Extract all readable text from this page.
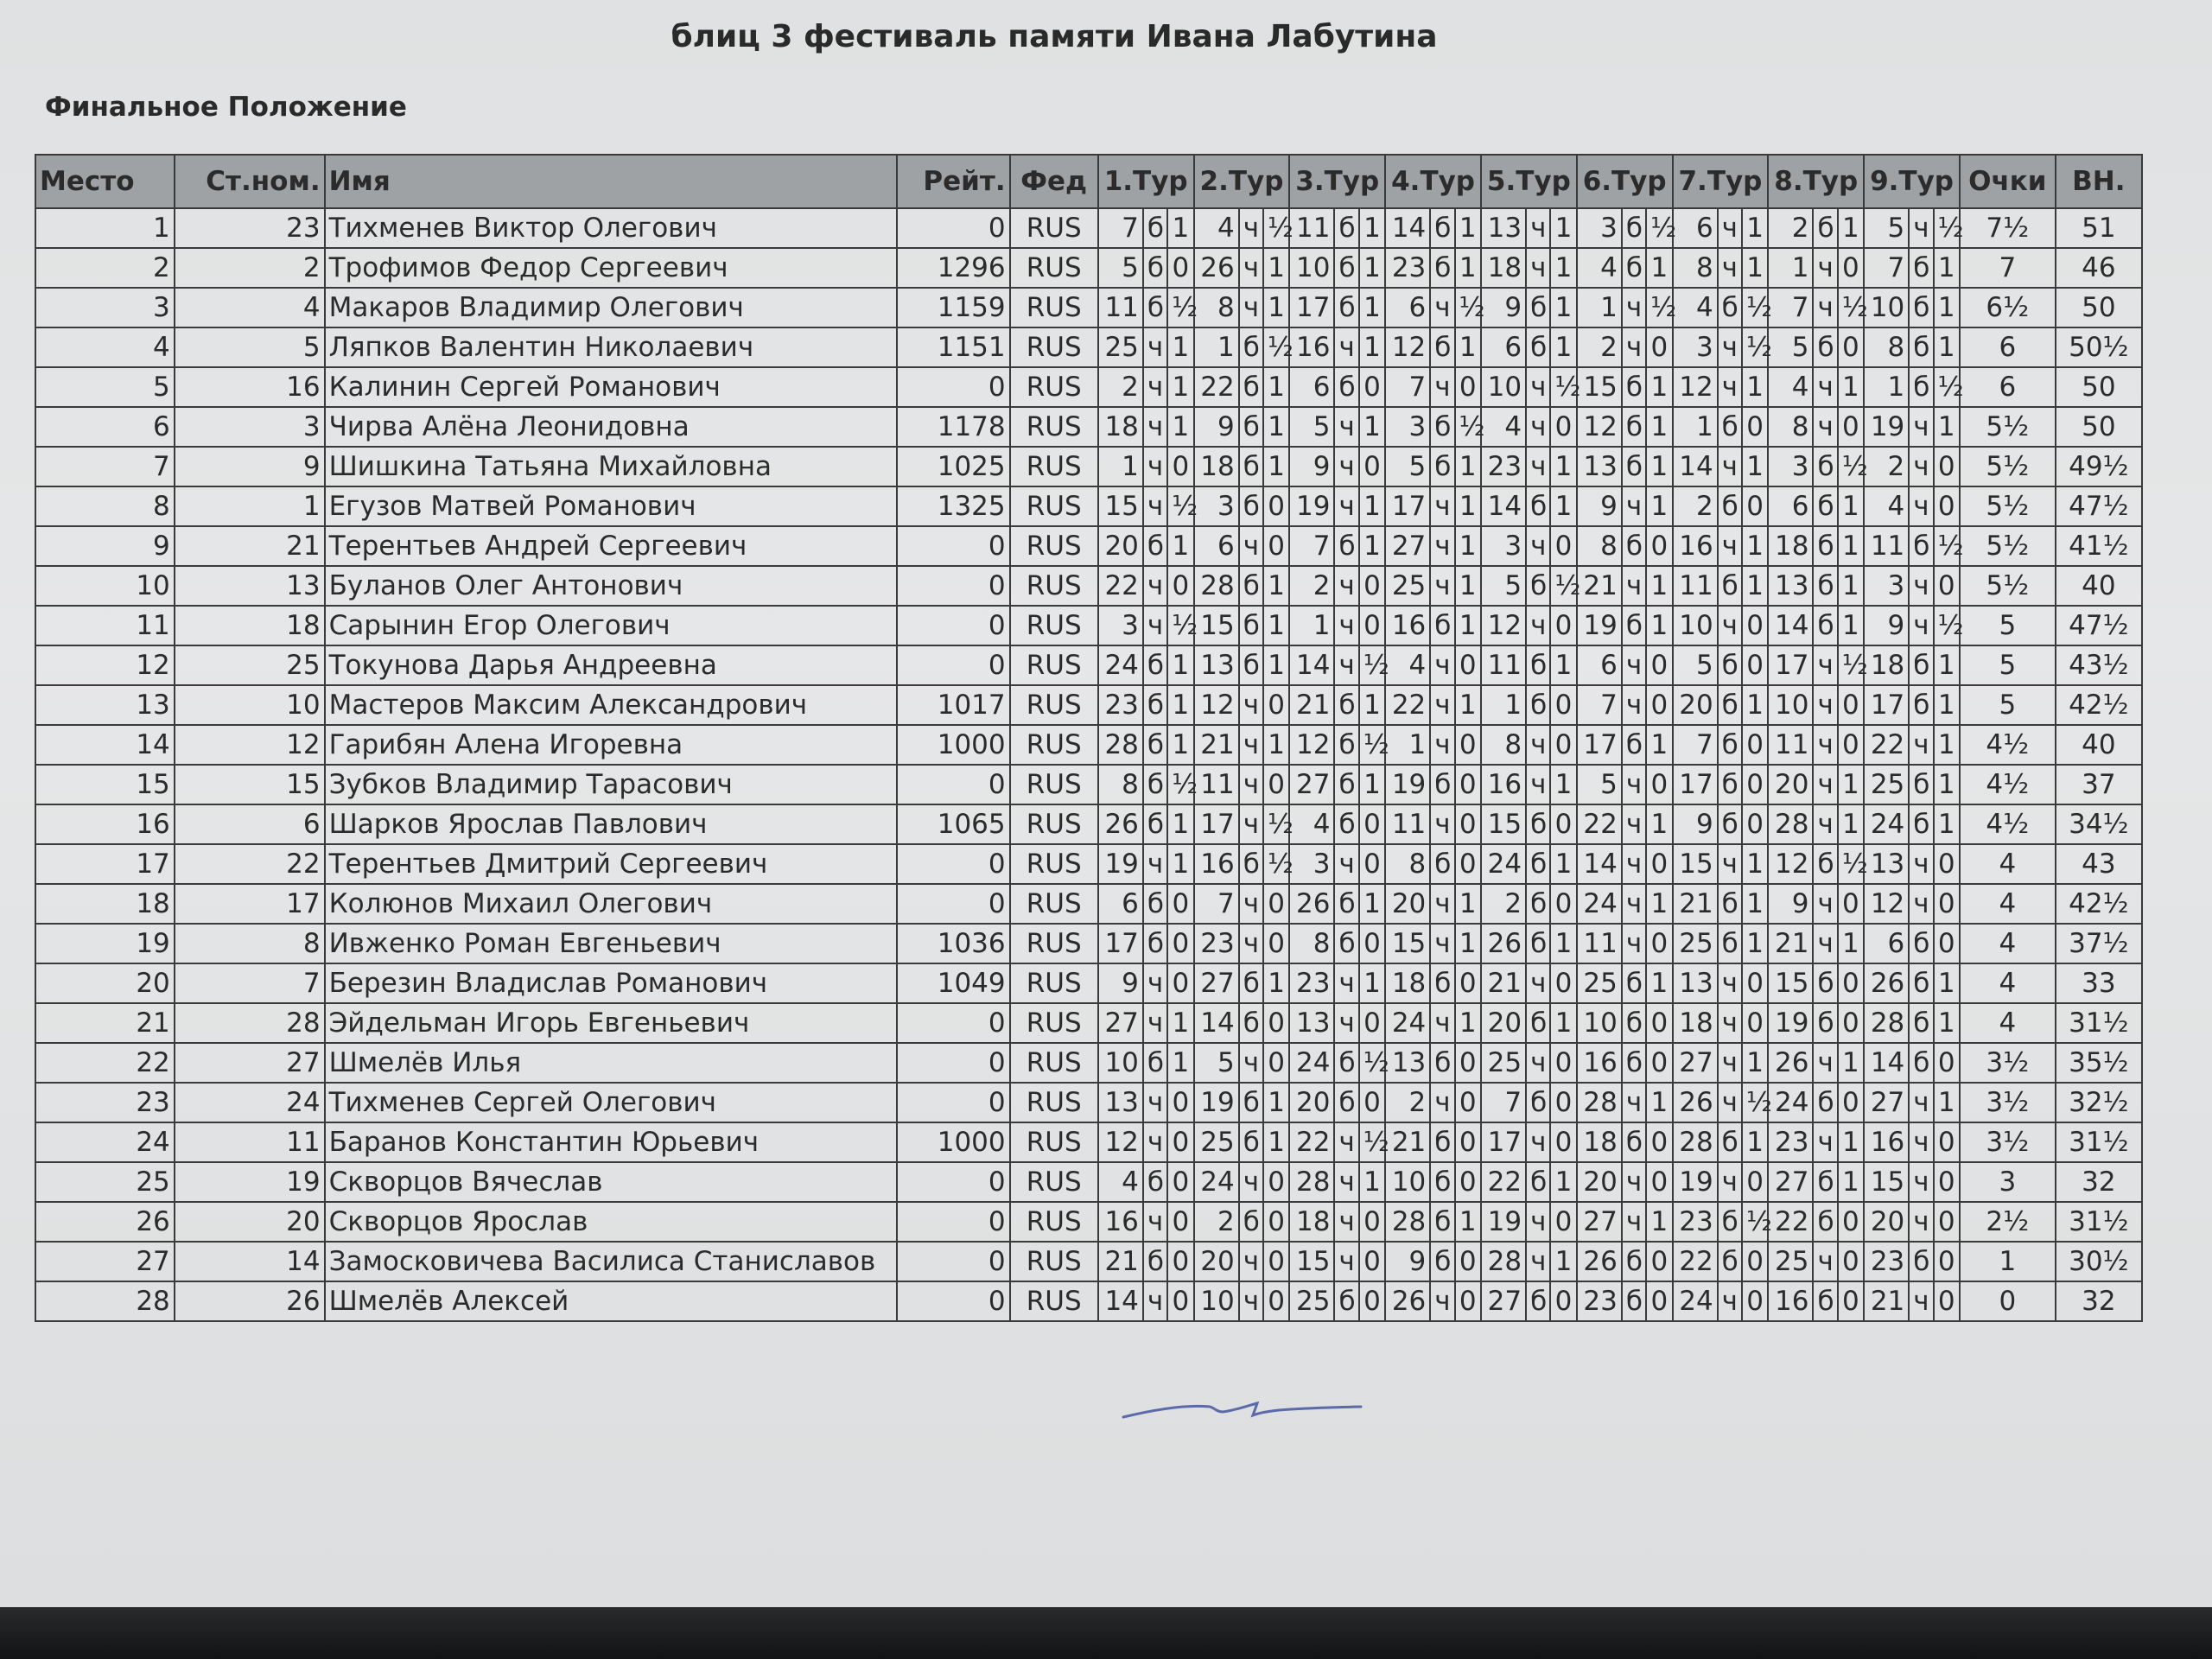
блиц 3 фестиваль памяти Ивана Лабутина
Финальное Положение
Место	Ст.ном.	Имя	Рейт.	Фед	1.Тур			2.Тур			3.Тур			4.Тур			5.Тур			6.Тур			7.Тур			8.Тур			9.Тур			Очки	ВН.
1	23	Тихменев Виктор Олегович	0	RUS	7	б	1	4	ч	½	11	б	1	14	б	1	13	ч	1	3	б	½	6	ч	1	2	б	1	5	ч	½	7½	51
2	2	Трофимов Федор Сергеевич	1296	RUS	5	б	0	26	ч	1	10	б	1	23	б	1	18	ч	1	4	б	1	8	ч	1	1	ч	0	7	б	1	7	46
3	4	Макаров Владимир Олегович	1159	RUS	11	б	½	8	ч	1	17	б	1	6	ч	½	9	б	1	1	ч	½	4	б	½	7	ч	½	10	б	1	6½	50
4	5	Ляпков Валентин Николаевич	1151	RUS	25	ч	1	1	б	½	16	ч	1	12	б	1	6	б	1	2	ч	0	3	ч	½	5	б	0	8	б	1	6	50½
5	16	Калинин Сергей Романович	0	RUS	2	ч	1	22	б	1	6	б	0	7	ч	0	10	ч	½	15	б	1	12	ч	1	4	ч	1	1	б	½	6	50
6	3	Чирва Алёна Леонидовна	1178	RUS	18	ч	1	9	б	1	5	ч	1	3	б	½	4	ч	0	12	б	1	1	б	0	8	ч	0	19	ч	1	5½	50
7	9	Шишкина Татьяна Михайловна	1025	RUS	1	ч	0	18	б	1	9	ч	0	5	б	1	23	ч	1	13	б	1	14	ч	1	3	б	½	2	ч	0	5½	49½
8	1	Егузов Матвей Романович	1325	RUS	15	ч	½	3	б	0	19	ч	1	17	ч	1	14	б	1	9	ч	1	2	б	0	6	б	1	4	ч	0	5½	47½
9	21	Терентьев Андрей Сергеевич	0	RUS	20	б	1	6	ч	0	7	б	1	27	ч	1	3	ч	0	8	б	0	16	ч	1	18	б	1	11	б	½	5½	41½
10	13	Буланов Олег Антонович	0	RUS	22	ч	0	28	б	1	2	ч	0	25	ч	1	5	б	½	21	ч	1	11	б	1	13	б	1	3	ч	0	5½	40
11	18	Сарынин Егор Олегович	0	RUS	3	ч	½	15	б	1	1	ч	0	16	б	1	12	ч	0	19	б	1	10	ч	0	14	б	1	9	ч	½	5	47½
12	25	Токунова Дарья Андреевна	0	RUS	24	б	1	13	б	1	14	ч	½	4	ч	0	11	б	1	6	ч	0	5	б	0	17	ч	½	18	б	1	5	43½
13	10	Мастеров Максим Александрович	1017	RUS	23	б	1	12	ч	0	21	б	1	22	ч	1	1	б	0	7	ч	0	20	б	1	10	ч	0	17	б	1	5	42½
14	12	Гарибян Алена Игоревна	1000	RUS	28	б	1	21	ч	1	12	б	½	1	ч	0	8	ч	0	17	б	1	7	б	0	11	ч	0	22	ч	1	4½	40
15	15	Зубков Владимир Тарасович	0	RUS	8	б	½	11	ч	0	27	б	1	19	б	0	16	ч	1	5	ч	0	17	б	0	20	ч	1	25	б	1	4½	37
16	6	Шарков Ярослав Павлович	1065	RUS	26	б	1	17	ч	½	4	б	0	11	ч	0	15	б	0	22	ч	1	9	б	0	28	ч	1	24	б	1	4½	34½
17	22	Терентьев Дмитрий Сергеевич	0	RUS	19	ч	1	16	б	½	3	ч	0	8	б	0	24	б	1	14	ч	0	15	ч	1	12	б	½	13	ч	0	4	43
18	17	Колюнов Михаил Олегович	0	RUS	6	б	0	7	ч	0	26	б	1	20	ч	1	2	б	0	24	ч	1	21	б	1	9	ч	0	12	ч	0	4	42½
19	8	Ивженко Роман Евгеньевич	1036	RUS	17	б	0	23	ч	0	8	б	0	15	ч	1	26	б	1	11	ч	0	25	б	1	21	ч	1	6	б	0	4	37½
20	7	Березин Владислав Романович	1049	RUS	9	ч	0	27	б	1	23	ч	1	18	б	0	21	ч	0	25	б	1	13	ч	0	15	б	0	26	б	1	4	33
21	28	Эйдельман Игорь Евгеньевич	0	RUS	27	ч	1	14	б	0	13	ч	0	24	ч	1	20	б	1	10	б	0	18	ч	0	19	б	0	28	б	1	4	31½
22	27	Шмелёв Илья	0	RUS	10	б	1	5	ч	0	24	б	½	13	б	0	25	ч	0	16	б	0	27	ч	1	26	ч	1	14	б	0	3½	35½
23	24	Тихменев Сергей Олегович	0	RUS	13	ч	0	19	б	1	20	б	0	2	ч	0	7	б	0	28	ч	1	26	ч	½	24	б	0	27	ч	1	3½	32½
24	11	Баранов Константин Юрьевич	1000	RUS	12	ч	0	25	б	1	22	ч	½	21	б	0	17	ч	0	18	б	0	28	б	1	23	ч	1	16	ч	0	3½	31½
25	19	Скворцов Вячеслав	0	RUS	4	б	0	24	ч	0	28	ч	1	10	б	0	22	б	1	20	ч	0	19	ч	0	27	б	1	15	ч	0	3	32
26	20	Скворцов Ярослав	0	RUS	16	ч	0	2	б	0	18	ч	0	28	б	1	19	ч	0	27	ч	1	23	б	½	22	б	0	20	ч	0	2½	31½
27	14	Замосковичева Василиса Станиславов	0	RUS	21	б	0	20	ч	0	15	ч	0	9	б	0	28	ч	1	26	б	0	22	б	0	25	ч	0	23	б	0	1	30½
28	26	Шмелёв Алексей	0	RUS	14	ч	0	10	ч	0	25	б	0	26	ч	0	27	б	0	23	б	0	24	ч	0	16	б	0	21	ч	0	0	32
